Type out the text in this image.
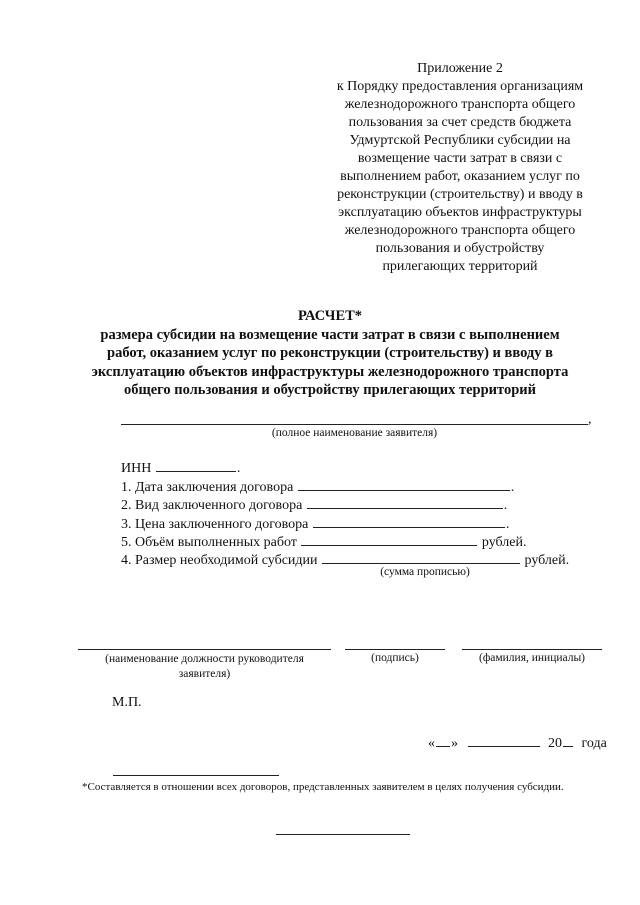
Приложение 2
к Порядку предоставления организациям
железнодорожного транспорта общего
пользования за счет средств бюджета
Удмуртской Республики субсидии на
возмещение части затрат в связи с
выполнением работ, оказанием услуг по
реконструкции (строительству) и вводу в
эксплуатацию объектов инфраструктуры
железнодорожного транспорта общего
пользования и обустройству
прилегающих территорий
РАСЧЕТ*
размера субсидии на возмещение части затрат в связи с выполнением
работ, оказанием услуг по реконструкции (строительству) и вводу в
эксплуатацию объектов инфраструктуры железнодорожного транспорта
общего пользования и обустройству прилегающих территорий
,
(полное наименование заявителя)
ИНН	.
1. Дата заключения договора	.
2. Вид заключенного договора	.
3. Цена заключенного договора	.
5. Объём выполненных работ	рублей.
4. Размер необходимой субсидии	рублей.
(сумма прописью)
(наименование должности руководителя
заявителя)
(подпись)	(фамилия, инициалы)
М.П.
« »	20 года
*Составляется в отношении всех договоров, представленных заявителем в целях получения субсидии.
